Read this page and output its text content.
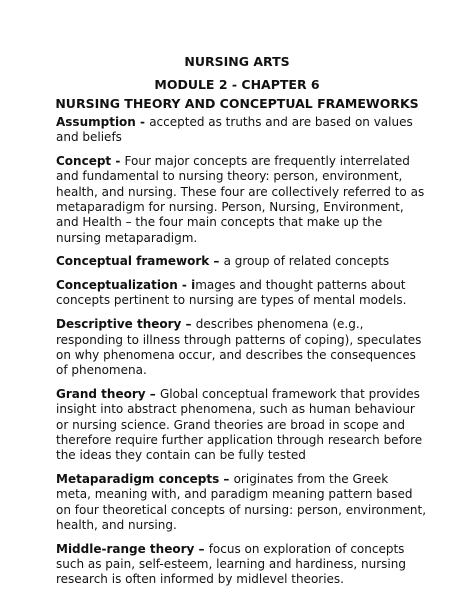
NURSING ARTS

MODULE 2 - CHAPTER 6

NURSING THEORY AND CONCEPTUAL FRAMEWORKS

Assumption - accepted as truths and are based on values and beliefs

Concept - Four major concepts are frequently interrelated and fundamental to nursing theory: person, environment, health, and nursing. These four are collectively referred to as metaparadigm for nursing. Person, Nursing, Environment, and Health – the four main concepts that make up the nursing metaparadigm.

Conceptual framework – a group of related concepts

Conceptualization - images and thought patterns about concepts pertinent to nursing are types of mental models.

Descriptive theory – describes phenomena (e.g., responding to illness through patterns of coping), speculates on why phenomena occur, and describes the consequences of phenomena.

Grand theory – Global conceptual framework that provides insight into abstract phenomena, such as human behaviour or nursing science. Grand theories are broad in scope and therefore require further application through research before the ideas they contain can be fully tested

Metaparadigm concepts – originates from the Greek meta, meaning with, and paradigm meaning pattern based on four theoretical concepts of nursing: person, environment, health, and nursing.

Middle-range theory – focus on exploration of concepts such as pain, self-esteem, learning and hardiness, nursing research is often informed by midlevel theories.
